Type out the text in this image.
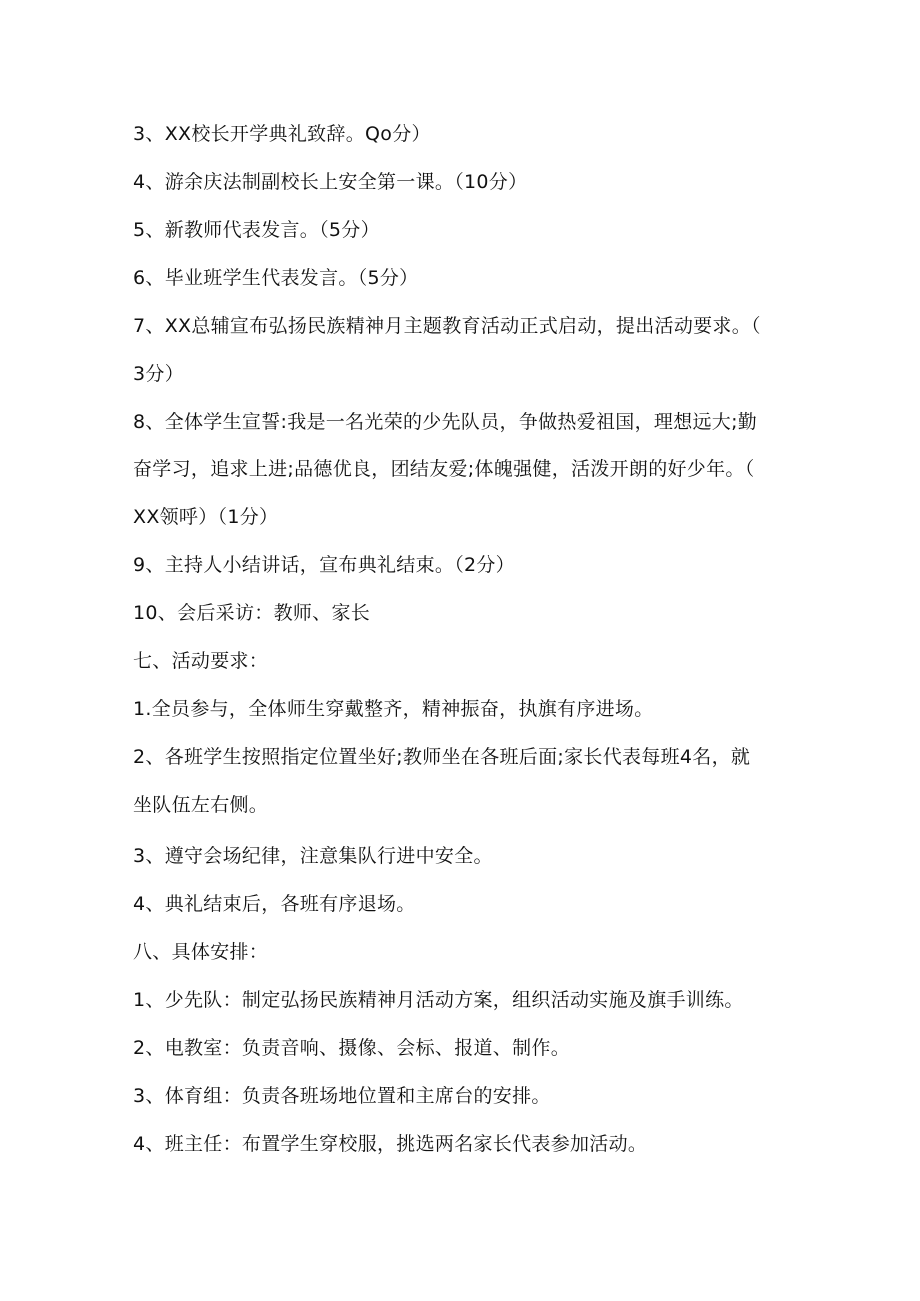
3、XX校长开学典礼致辞。Qo分）
4、游余庆法制副校长上安全第一课。（10分）
5、新教师代表发言。（5分）
6、毕业班学生代表发言。（5分）
7、XX总辅宣布弘扬民族精神月主题教育活动正式启动，提出活动要求。（
3分）
8、全体学生宣誓:我是一名光荣的少先队员，争做热爱祖国，理想远大;勤
奋学习，追求上进;品德优良，团结友爱;体魄强健，活泼开朗的好少年。（
XX领呼）（1分）
9、主持人小结讲话，宣布典礼结束。（2分）
10、会后采访：教师、家长
七、活动要求：
1.全员参与，全体师生穿戴整齐，精神振奋，执旗有序进场。
2、各班学生按照指定位置坐好;教师坐在各班后面;家长代表每班4名，就
坐队伍左右侧。
3、遵守会场纪律，注意集队行进中安全。
4、典礼结束后，各班有序退场。
八、具体安排：
1、少先队：制定弘扬民族精神月活动方案，组织活动实施及旗手训练。
2、电教室：负责音响、摄像、会标、报道、制作。
3、体育组：负责各班场地位置和主席台的安排。
4、班主任：布置学生穿校服，挑选两名家长代表参加活动。
